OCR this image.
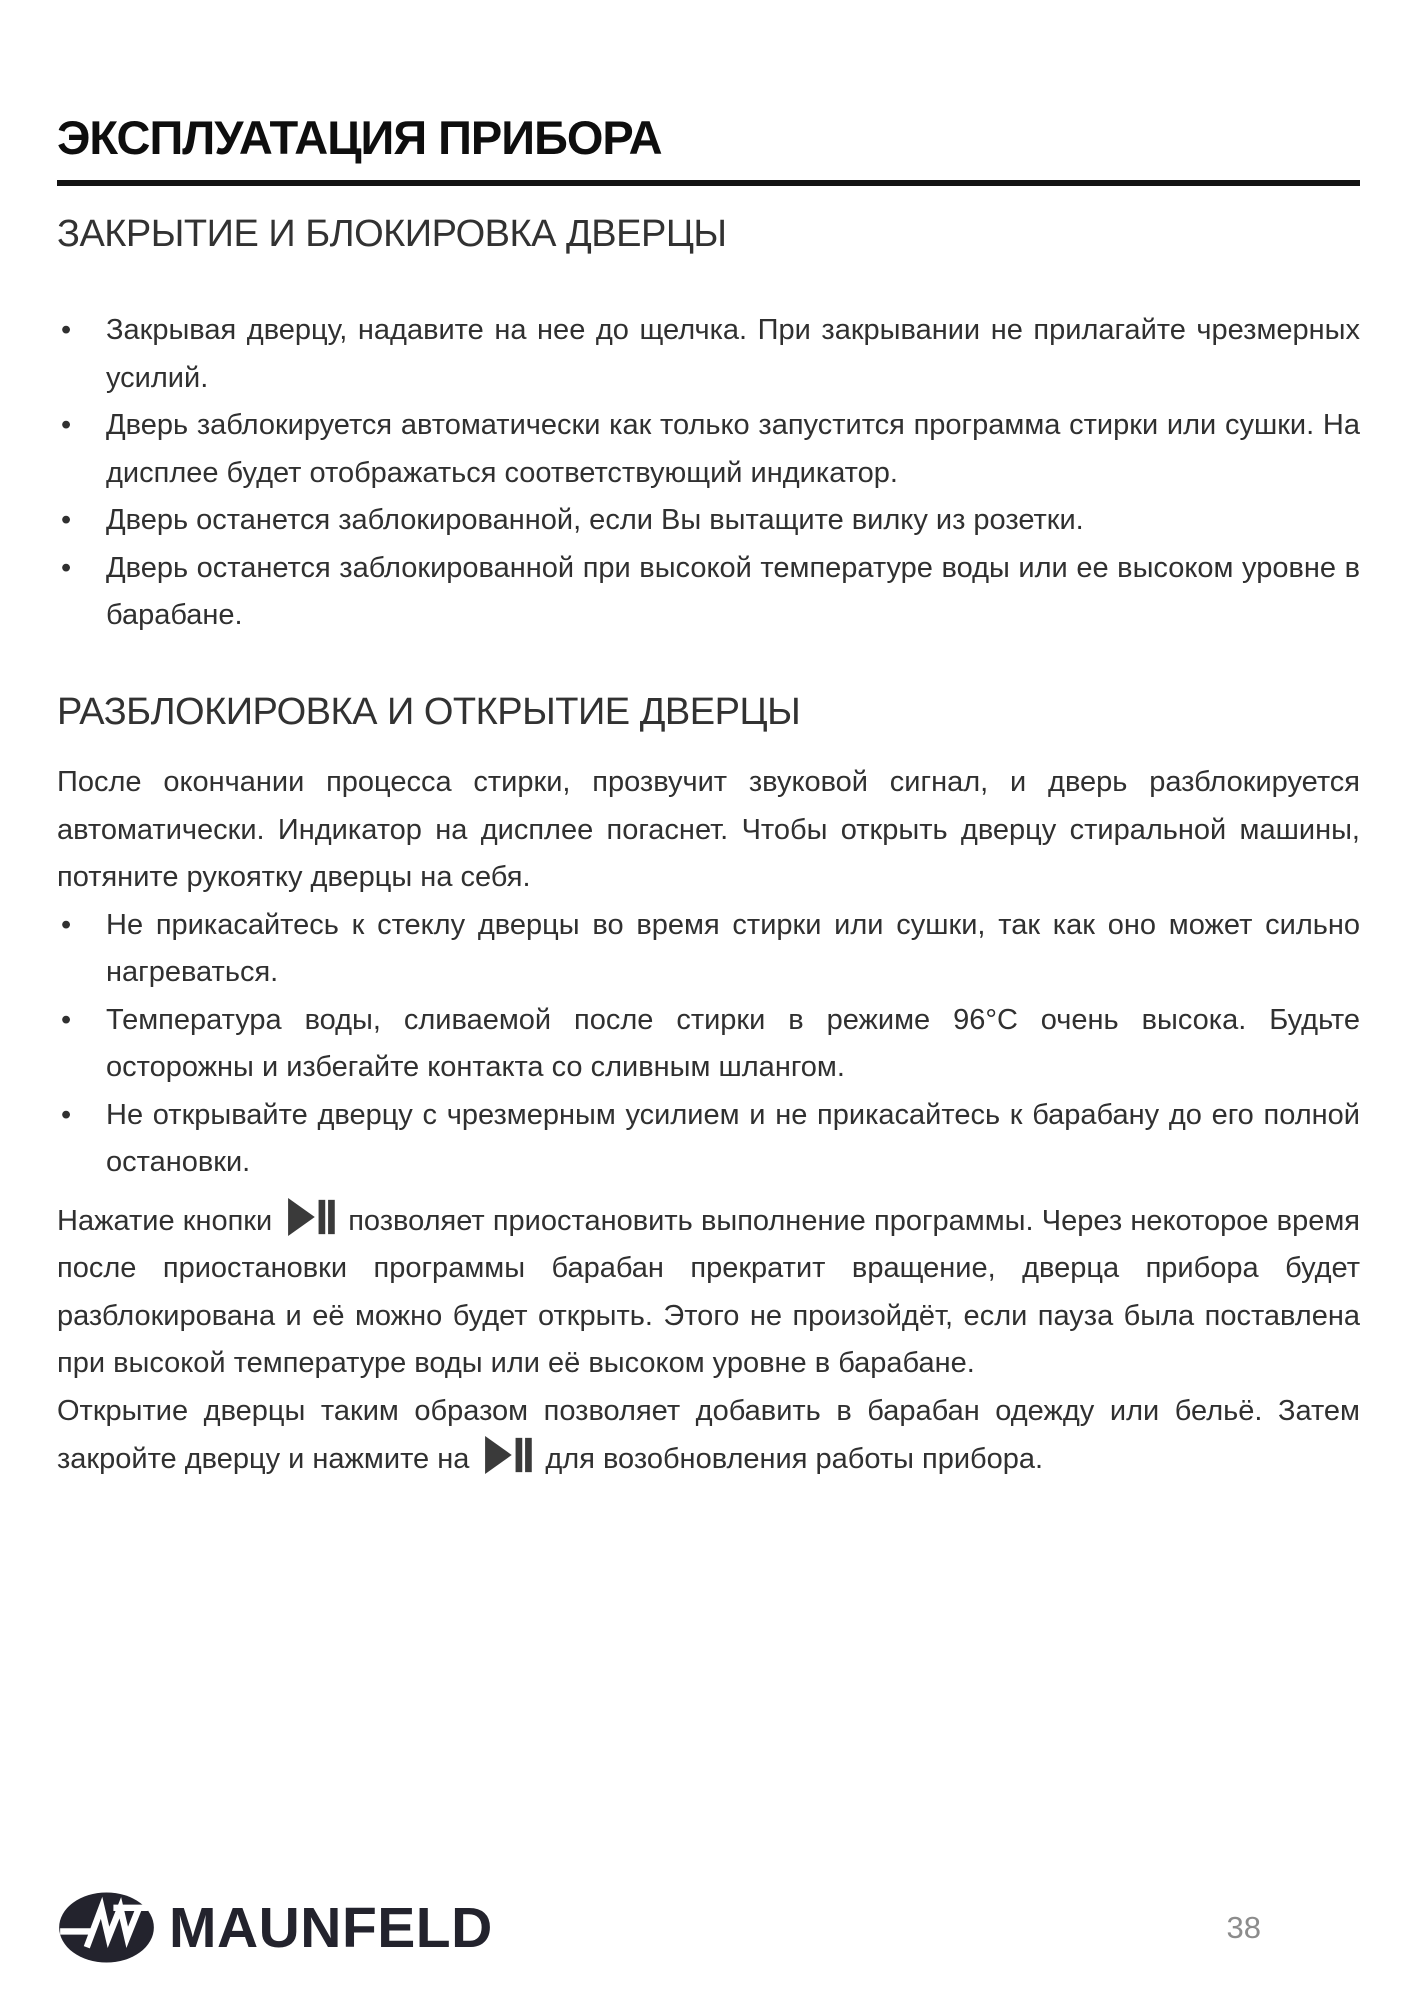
ЭКСПЛУАТАЦИЯ ПРИБОРА
ЗАКРЫТИЕ И БЛОКИРОВКА ДВЕРЦЫ
• Закрывая дверцу, надавите на нее до щелчка. При закрывании не прилагайте чрезмерных усилий.
• Дверь заблокируется автоматически как только запустится программа стирки или сушки. На дисплее будет отображаться соответствующий индикатор.
• Дверь останется заблокированной, если Вы вытащите вилку из розетки.
• Дверь останется заблокированной при высокой температуре воды или ее высоком уровне в барабане.
РАЗБЛОКИРОВКА И ОТКРЫТИЕ ДВЕРЦЫ

После окончании процесса стирки, прозвучит звуковой сигнал, и дверь разблокируется автоматически. Индикатор на дисплее погаснет. Чтобы открыть дверцу стиральной машины, потяните рукоятку дверцы на себя.

• Не прикасайтесь к стеклу дверцы во время стирки или сушки, так как оно может сильно нагреваться.
• Температура воды, сливаемой после стирки в режиме 96°С очень высока. Будьте осторожны и избегайте контакта со сливным шлангом.
• Не открывайте дверцу с чрезмерным усилием и не прикасайтесь к барабану до его полной остановки.

Нажатие кнопки	позволяет приостановить выполнение программы. Через некоторое время после приостановки программы барабан прекратит вращение, дверца прибора будет разблокирована и её можно будет открыть. Этого не произойдёт, если пауза была поставлена при высокой температуре воды или её высоком уровне в барабане.

Открытие дверцы таким образом позволяет добавить в барабан одежду или бельё. Затем закройте дверцу и нажмите на	для возобновления работы прибора.

MAUNFELD	38
